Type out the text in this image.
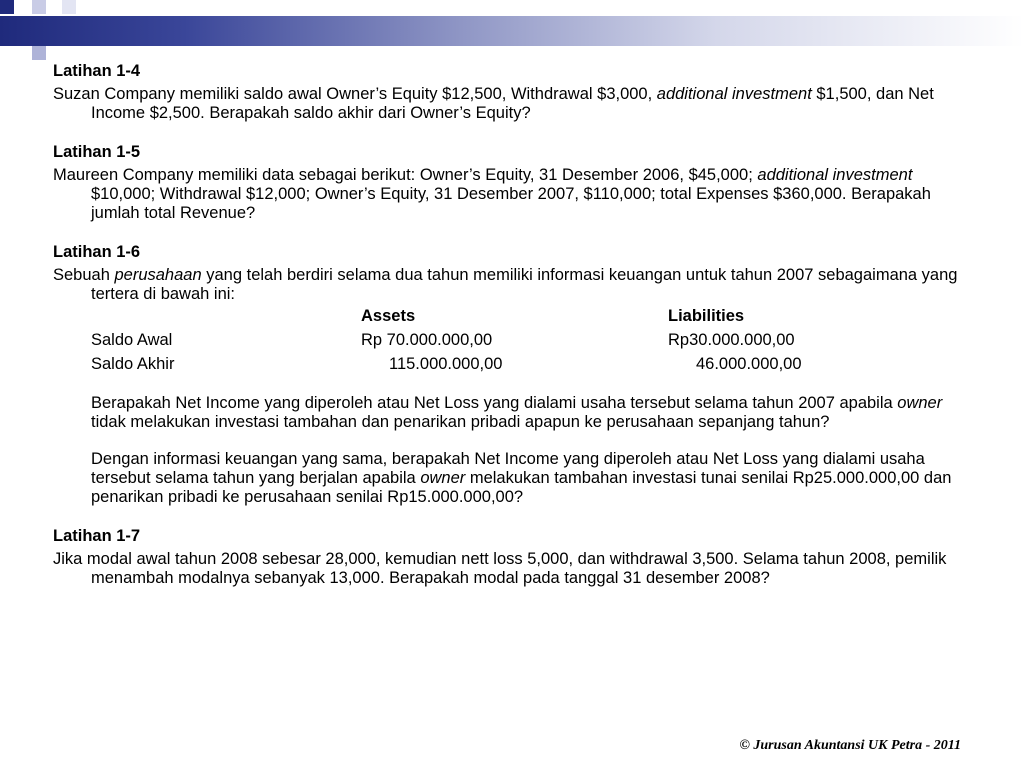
Latihan 1-4

Suzan Company memiliki saldo awal Owner’s Equity $12,500, Withdrawal $3,000, additional investment $1,500, dan Net Income $2,500. Berapakah saldo akhir dari Owner’s Equity?

Latihan 1-5

Maureen Company memiliki data sebagai berikut: Owner’s Equity, 31 Desember 2006, $45,000; additional investment $10,000; Withdrawal $12,000; Owner’s Equity, 31 Desember 2007, $110,000; total Expenses $360,000. Berapakah jumlah total Revenue?

Latihan 1-6

Sebuah perusahaan yang telah berdiri selama dua tahun memiliki informasi keuangan untuk tahun 2007 sebagaimana yang tertera di bawah ini:

	Assets	Liabilities
Saldo Awal	Rp 70.000.000,00	Rp30.000.000,00
Saldo Akhir	115.000.000,00	46.000.000,00

Berapakah Net Income yang diperoleh atau Net Loss yang dialami usaha tersebut selama tahun 2007 apabila owner tidak melakukan investasi tambahan dan penarikan pribadi apapun ke perusahaan sepanjang tahun?

Dengan informasi keuangan yang sama, berapakah Net Income yang diperoleh atau Net Loss yang dialami usaha tersebut selama tahun yang berjalan apabila owner melakukan tambahan investasi tunai senilai Rp25.000.000,00 dan penarikan pribadi ke perusahaan senilai Rp15.000.000,00?

Latihan 1-7

Jika modal awal tahun 2008 sebesar 28,000, kemudian nett loss 5,000, dan withdrawal 3,500. Selama tahun 2008, pemilik menambah modalnya sebanyak 13,000. Berapakah modal pada tanggal 31 desember 2008?

© Jurusan Akuntansi UK Petra - 2011
